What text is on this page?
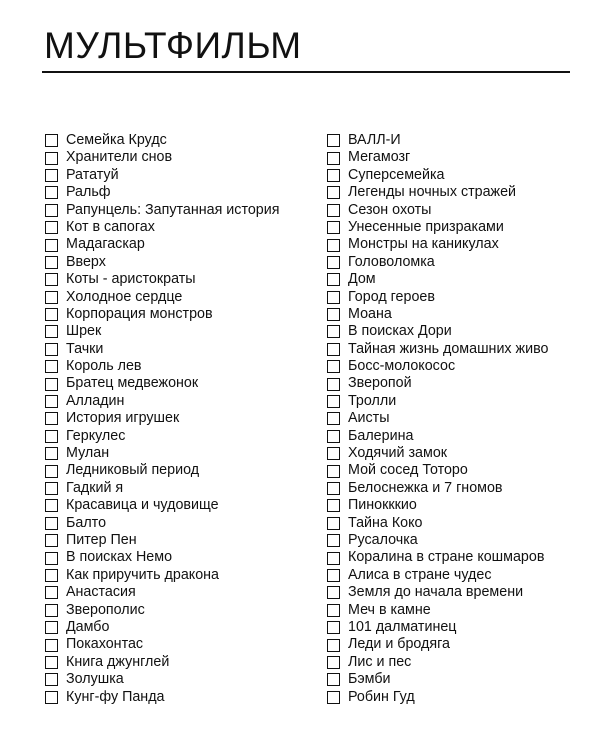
МУЛЬТФИЛЬМ
Семейка Крудс
Хранители снов
Рататуй
Ральф
Рапунцель: Запутанная история
Кот в сапогах
Мадагаскар
Вверх
Коты - аристократы
Холодное сердце
Корпорация монстров
Шрек
Тачки
Король лев
Братец медвежонок
Алладин
История игрушек
Геркулес
Мулан
Ледниковый период
Гадкий я
Красавица и чудовище
Балто
Питер Пен
В поисках Немо
Как приручить дракона
Анастасия
Зверополис
Дамбо
Покахонтас
Книга джунглей
Золушка
Кунг-фу Панда
ВАЛЛ-И
Мегамозг
Суперсемейка
Легенды ночных стражей
Сезон охоты
Унесенные призраками
Монстры на каникулах
Головоломка
Дом
Город героев
Моана
В поисках Дори
Тайная жизнь домашних живо
Босс-молокосос
Зверопой
Тролли
Аисты
Балерина
Ходячий замок
Мой сосед Тоторо
Белоснежка и 7 гномов
Пинокккио
Тайна Коко
Русалочка
Коралина в стране кошмаров
Алиса в стране чудес
Земля до начала времени
Меч в камне
101 далматинец
Леди и бродяга
Лис и пес
Бэмби
Робин Гуд
